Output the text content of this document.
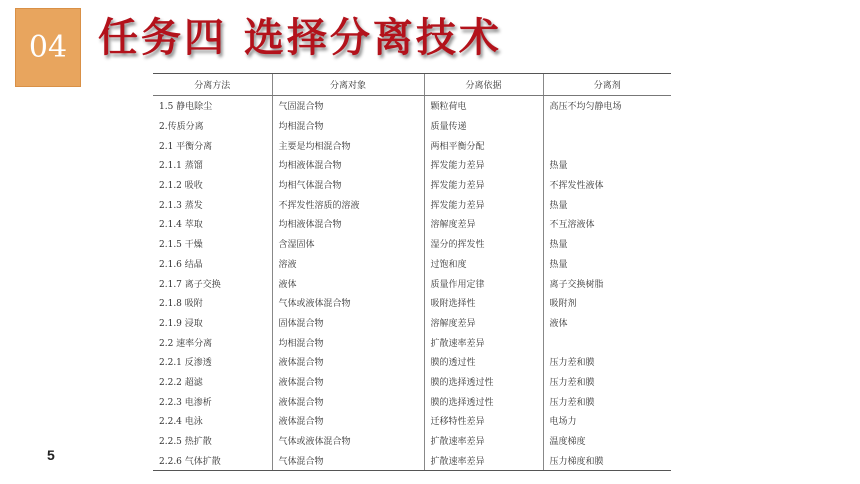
04 任务四 选择分离技术
分离方法	分离对象	分离依据	分离剂
1.5 静电除尘	气固混合物	颗粒荷电	高压不均匀静电场
2.传质分离	均相混合物	质量传递	
2.1 平衡分离	主要是均相混合物	两相平衡分配	
2.1.1 蒸馏	均相液体混合物	挥发能力差异	热量
2.1.2 吸收	均相气体混合物	挥发能力差异	不挥发性液体
2.1.3 蒸发	不挥发性溶质的溶液	挥发能力差异	热量
2.1.4 萃取	均相液体混合物	溶解度差异	不互溶液体
2.1.5 干燥	含湿固体	湿分的挥发性	热量
2.1.6 结晶	溶液	过饱和度	热量
2.1.7 离子交换	液体	质量作用定律	离子交换树脂
2.1.8 吸附	气体或液体混合物	吸附选择性	吸附剂
2.1.9 浸取	固体混合物	溶解度差异	液体
2.2 速率分离	均相混合物	扩散速率差异	
2.2.1 反渗透	液体混合物	膜的透过性	压力差和膜
2.2.2 超滤	液体混合物	膜的选择透过性	压力差和膜
2.2.3 电渗析	液体混合物	膜的选择透过性	压力差和膜
2.2.4 电泳	液体混合物	迁移特性差异	电场力
2.2.5 热扩散	气体或液体混合物	扩散速率差异	温度梯度
2.2.6 气体扩散	气体混合物	扩散速率差异	压力梯度和膜
5
